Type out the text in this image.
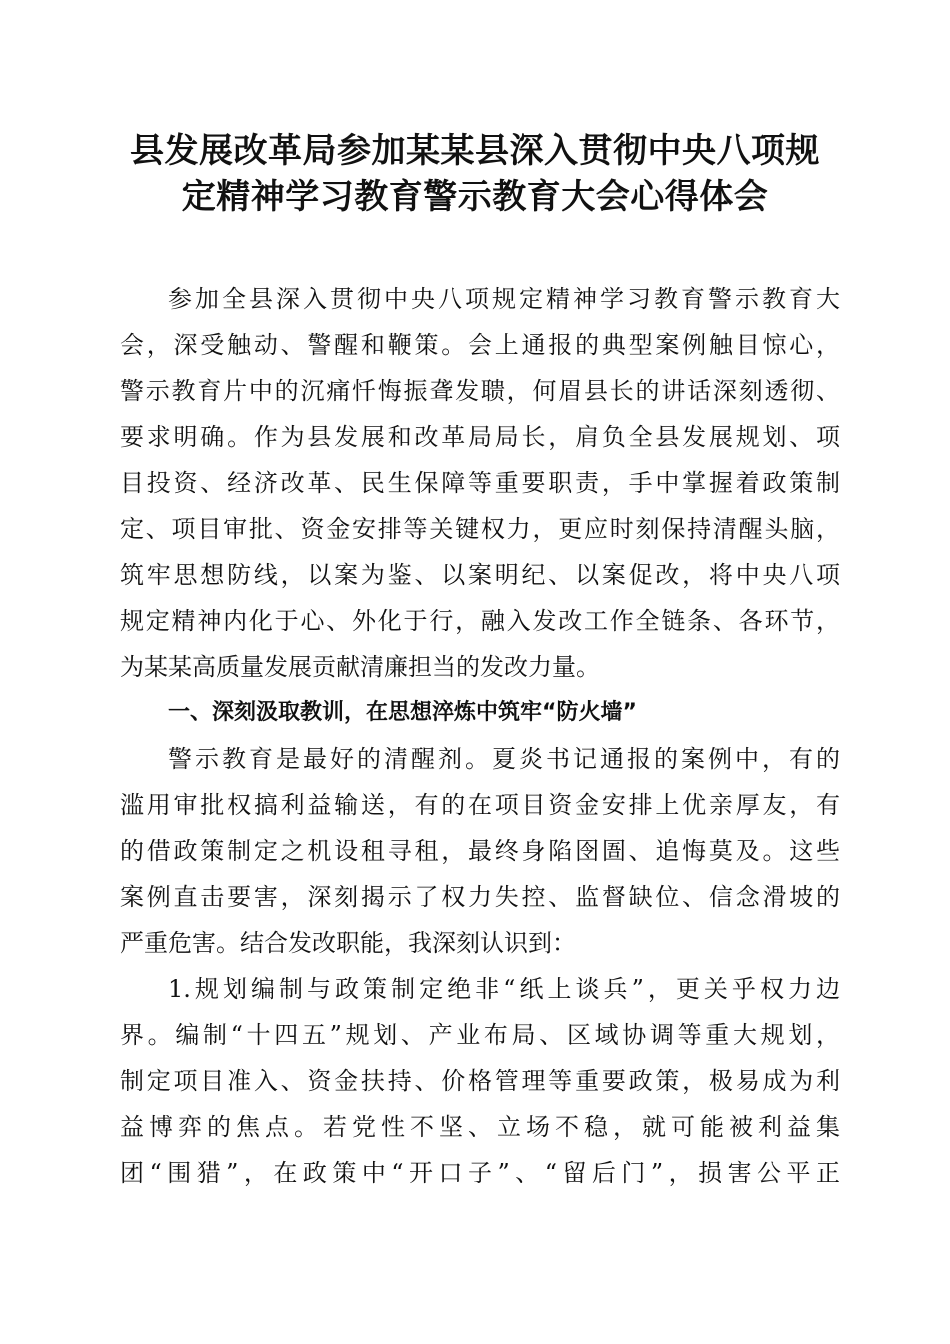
县发展改革局参加某某县深入贯彻中央八项规
定精神学习教育警示教育大会心得体会
参加全县深入贯彻中央八项规定精神学习教育警示教育大
会，深受触动、警醒和鞭策。会上通报的典型案例触目惊心，
警示教育片中的沉痛忏悔振聋发聩，何眉县长的讲话深刻透彻、
要求明确。作为县发展和改革局局长，肩负全县发展规划、项
目投资、经济改革、民生保障等重要职责，手中掌握着政策制
定、项目审批、资金安排等关键权力，更应时刻保持清醒头脑，
筑牢思想防线，以案为鉴、以案明纪、以案促改，将中央八项
规定精神内化于心、外化于行，融入发改工作全链条、各环节，
为某某高质量发展贡献清廉担当的发改力量。
一、深刻汲取教训，在思想淬炼中筑牢“防火墙”
警示教育是最好的清醒剂。夏炎书记通报的案例中，有的
滥用审批权搞利益输送，有的在项目资金安排上优亲厚友，有
的借政策制定之机设租寻租，最终身陷囹圄、追悔莫及。这些
案例直击要害，深刻揭示了权力失控、监督缺位、信念滑坡的
严重危害。结合发改职能，我深刻认识到：
1.规划编制与政策制定绝非“纸上谈兵”，更关乎权力边
界。编制“十四五”规划、产业布局、区域协调等重大规划，
制定项目准入、资金扶持、价格管理等重要政策，极易成为利
益博弈的焦点。若党性不坚、立场不稳，就可能被利益集
团“围猎”，在政策中“开口子”、“留后门”，损害公平正
